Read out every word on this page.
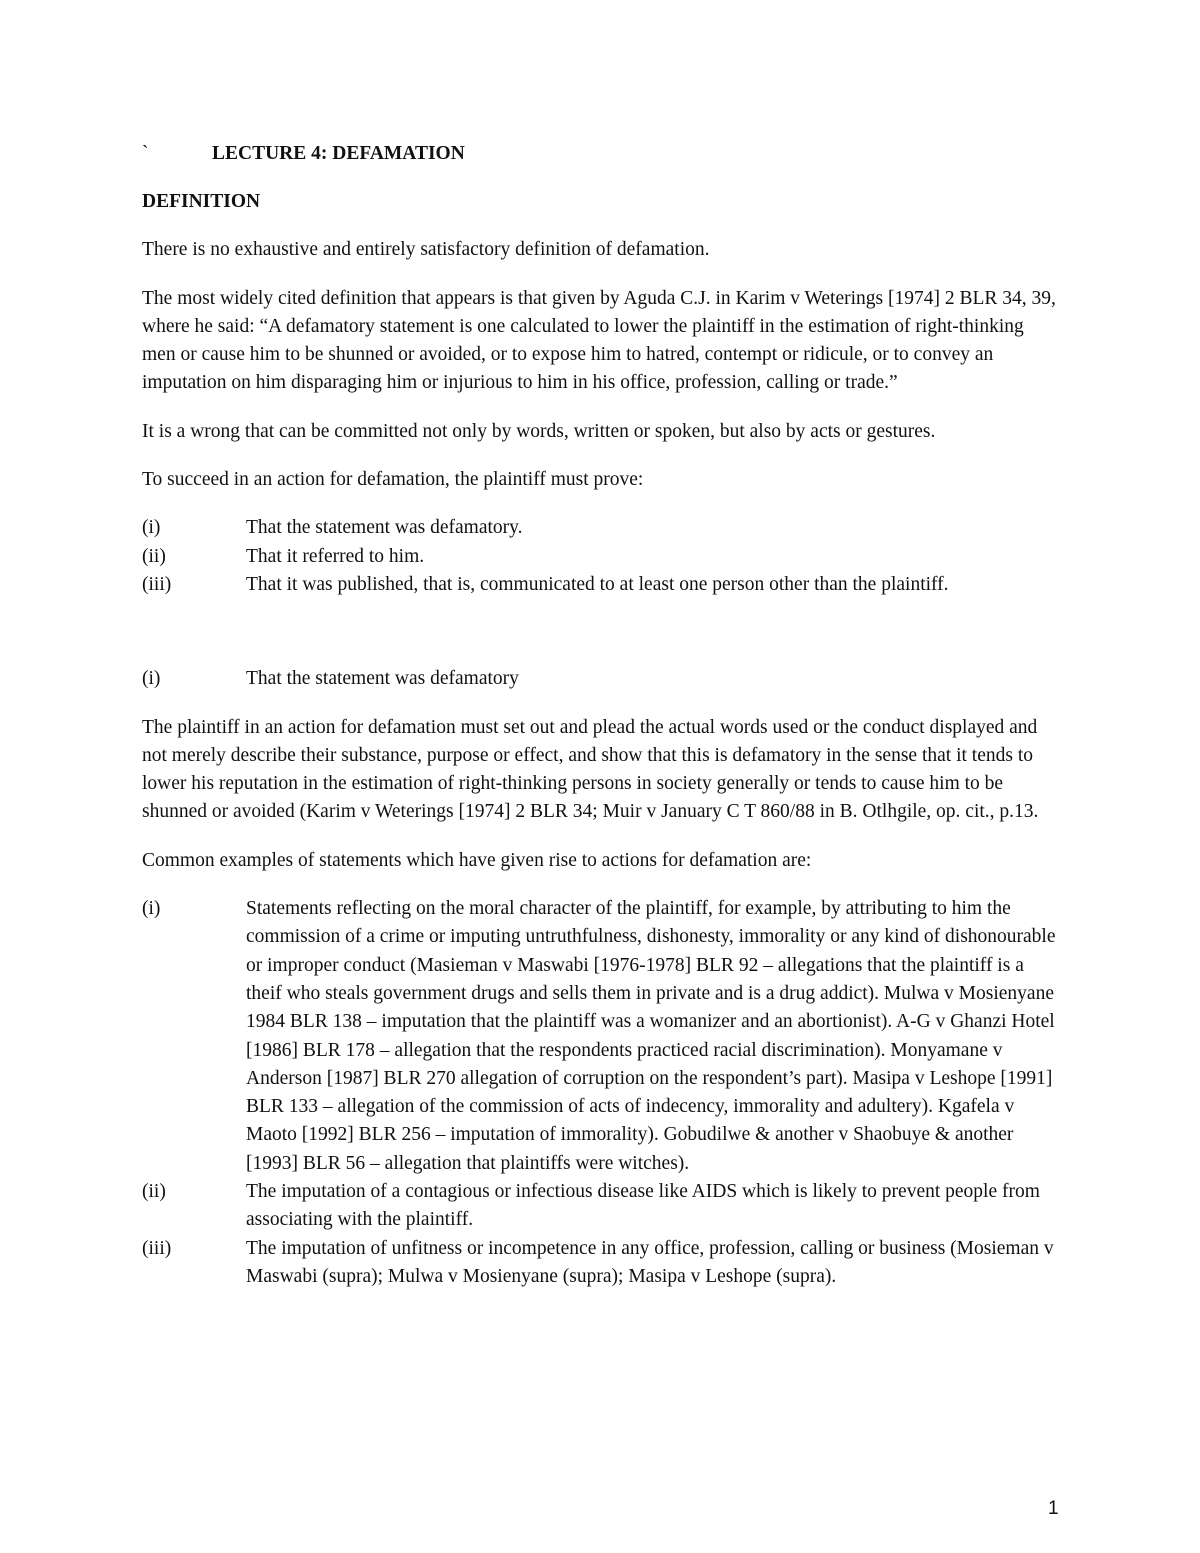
`	LECTURE 4: DEFAMATION
DEFINITION

There is no exhaustive and entirely satisfactory definition of defamation.

The most widely cited definition that appears is that given by Aguda C.J. in Karim v Weterings [1974] 2 BLR 34, 39, where he said: “A defamatory statement is one calculated to lower the plaintiff in the estimation of right-thinking men or cause him to be shunned or avoided, or to expose him to hatred, contempt or ridicule, or to convey an imputation on him disparaging him or injurious to him in his office, profession, calling or trade.”

It is a wrong that can be committed not only by words, written or spoken, but also by acts or gestures.

To succeed in an action for defamation, the plaintiff must prove:

(i)	That the statement was defamatory.
(ii)	That it referred to him.
(iii)	That it was published, that is, communicated to at least one person other than the plaintiff.
(i)	That the statement was defamatory

The plaintiff in an action for defamation must set out and plead the actual words used or the conduct displayed and not merely describe their substance, purpose or effect, and show that this is defamatory in the sense that it tends to lower his reputation in the estimation of right-thinking persons in society generally or tends to cause him to be shunned or avoided (Karim v Weterings [1974] 2 BLR 34; Muir v January C T 860/88 in B. Otlhgile, op. cit., p.13.

Common examples of statements which have given rise to actions for defamation are:

(i)	Statements reflecting on the moral character of the plaintiff, for example, by attributing to him the commission of a crime or imputing untruthfulness, dishonesty, immorality or any kind of dishonourable or improper conduct (Masieman v Maswabi [1976-1978] BLR 92 – allegations that the plaintiff is a theif who steals government drugs and sells them in private and is a drug addict). Mulwa v Mosienyane 1984 BLR 138 – imputation that the plaintiff was a womanizer and an abortionist). A-G v Ghanzi Hotel [1986] BLR 178 – allegation that the respondents practiced racial discrimination). Monyamane v Anderson [1987] BLR 270 allegation of corruption on the respondent’s part). Masipa v Leshope [1991] BLR 133 – allegation of the commission of acts of indecency, immorality and adultery). Kgafela v Maoto [1992] BLR 256 – imputation of immorality). Gobudilwe & another v Shaobuye & another [1993] BLR 56 – allegation that plaintiffs were witches).
(ii)	The imputation of a contagious or infectious disease like AIDS which is likely to prevent people from associating with the plaintiff.
(iii)	The imputation of unfitness or incompetence in any office, profession, calling or business (Mosieman v Maswabi (supra); Mulwa v Mosienyane (supra); Masipa v Leshope (supra).
1
